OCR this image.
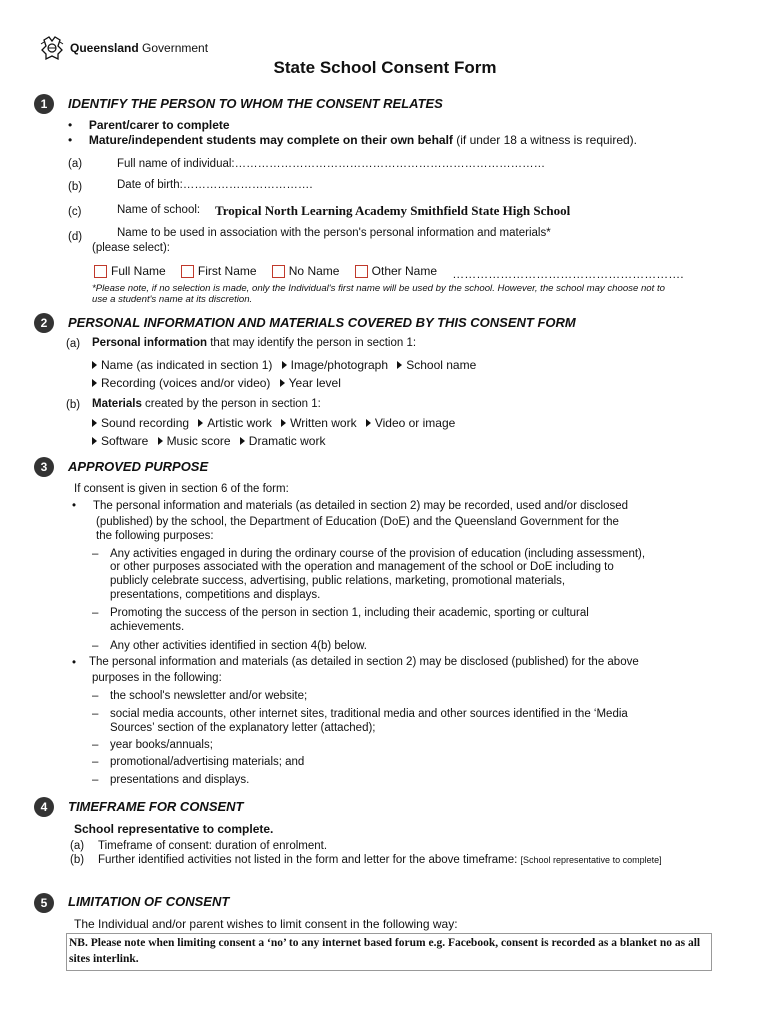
Queensland Government
State School Consent Form
1	IDENTIFY THE PERSON TO WHOM THE CONSENT RELATES
•     Parent/carer to complete
•     Mature/independent students may complete on their own behalf (if under 18 a witness is required).
(a)	Full name of individual:………………………………………………………………………
(b)	Date of birth:…………………………….
(c)	Name of school: Tropical North Learning Academy Smithfield State High School
(d)	Name to be used in association with the person's personal information and materials*
(please select):
Full Name
	First Name
	No Name
	Other Name ………………………………………………….
*Please note, if no selection is made, only the Individual's first name will be used by the school. However, the school may choose not to
use a student's name at its discretion.
2	PERSONAL INFORMATION AND MATERIALS COVERED BY THIS CONSENT FORM
(a) Personal information that may identify the person in section 1:
Name (as indicated in section 1)
Image/photograph
School name
Recording (voices and/or video)
Year level
(b) Materials created by the person in section 1:
Sound recording
Artistic work
Written work
Video or image
Software
Music score
Dramatic work
3	APPROVED PURPOSE
If consent is given in section 6 of the form:
• The personal information and materials (as detailed in section 2) may be recorded, used and/or disclosed
(published) by the school, the Department of Education (DoE) and the Queensland Government for the
the following purposes:
– Any activities engaged in during the ordinary course of the provision of education (including assessment),
or other purposes associated with the operation and management of the school or DoE including to
publicly celebrate success, advertising, public relations, marketing, promotional materials,
presentations, competitions and displays.
– Promoting the success of the person in section 1, including their academic, sporting or cultural
achievements.
– Any other activities identified in section 4(b) below.
• The personal information and materials (as detailed in section 2) may be disclosed (published) for the above
purposes in the following:
– the school's newsletter and/or website;
– social media accounts, other internet sites, traditional media and other sources identified in the ‘Media
Sources’ section of the explanatory letter (attached);
– year books/annuals;
– promotional/advertising materials; and
– presentations and displays.
4	TIMEFRAME FOR CONSENT
School representative to complete.
(a) Timeframe of consent: duration of enrolment.
(b) Further identified activities not listed in the form and letter for the above timeframe: [School representative to complete]
5	LIMITATION OF CONSENT
The Individual and/or parent wishes to limit consent in the following way:
NB. Please note when limiting consent a ‘no’ to any internet based forum e.g. Facebook, consent is recorded as a blanket no as all sites interlink.
